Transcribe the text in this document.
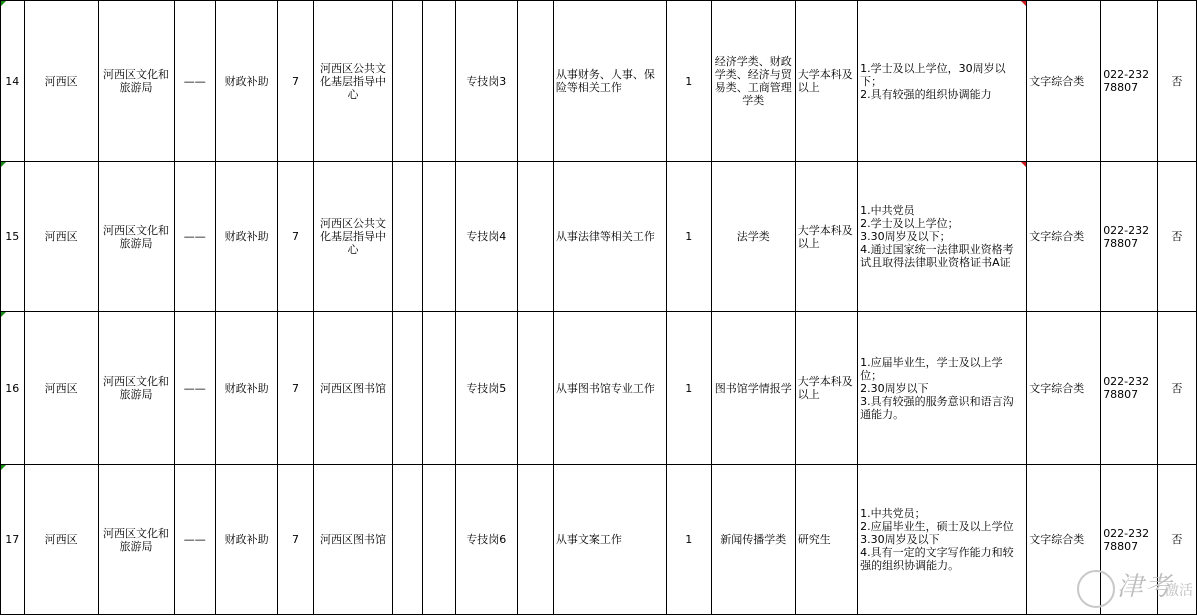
14	河西区	河西区文化和旅游局	——	财政补助	7	河西区公共文化基层指导中心			专技岗3		从事财务、人事、保险等相关工作	1	经济学类、财政学类、经济与贸易类、工商管理学类	大学本科及以上	1.学士及以上学位，30周岁以下；
2.具有较强的组织协调能力	文字综合类	022-23278807	否
15	河西区	河西区文化和旅游局	——	财政补助	7	河西区公共文化基层指导中心			专技岗4		从事法律等相关工作	1	法学类	大学本科及以上	1.中共党员
2.学士及以上学位；
3.30周岁及以下；
4.通过国家统一法律职业资格考试且取得法律职业资格证书A证	文字综合类	022-23278807	否
16	河西区	河西区文化和旅游局	——	财政补助	7	河西区图书馆			专技岗5		从事图书馆专业工作	1	图书馆学情报学	大学本科及以上	1.应届毕业生，学士及以上学位；
2.30周岁以下
3.具有较强的服务意识和语言沟通能力。	文字综合类	022-23278807	否
17	河西区	河西区文化和旅游局	——	财政补助	7	河西区图书馆			专技岗6		从事文案工作	1	新闻传播学类	研究生	1.中共党员；
2.应届毕业生，硕士及以上学位
3.30周岁及以下
4.具有一定的文字写作能力和较强的组织协调能力。	文字综合类	022-23278807	否
津考
激活
